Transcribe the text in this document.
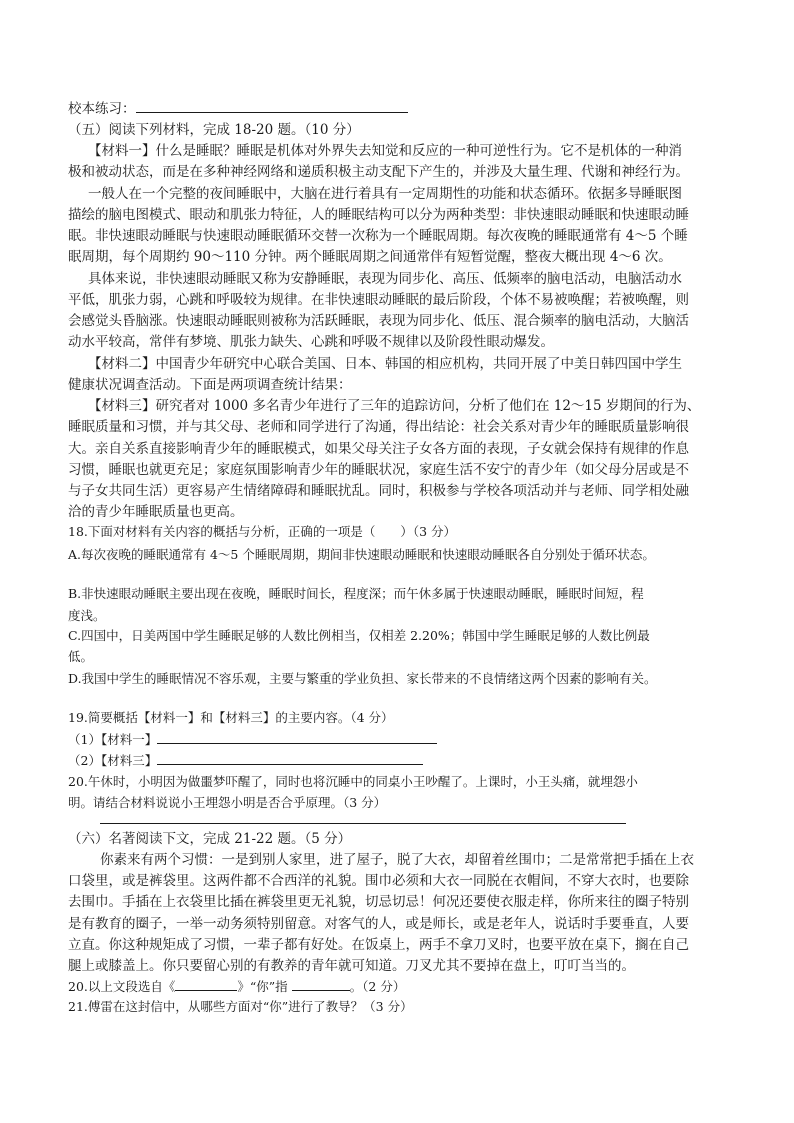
校本练习：
（五）阅读下列材料，完成 18-20 题。（10 分）
【材料一】什么是睡眠？睡眠是机体对外界失去知觉和反应的一种可逆性行为。它不是机体的一种消
极和被动状态，而是在多种神经网络和递质积极主动支配下产生的，并涉及大量生理、代谢和神经行为。
一般人在一个完整的夜间睡眠中，大脑在进行着具有一定周期性的功能和状态循环。依据多导睡眠图
描绘的脑电图模式、眼动和肌张力特征，人的睡眠结构可以分为两种类型：非快速眼动睡眠和快速眼动睡
眠。非快速眼动睡眠与快速眼动睡眠循环交替一次称为一个睡眠周期。每次夜晚的睡眠通常有 4～5 个睡
眠周期，每个周期约 90～110 分钟。两个睡眠周期之间通常伴有短暂觉醒，整夜大概出现 4～6 次。
具体来说，非快速眼动睡眠又称为安静睡眠，表现为同步化、高压、低频率的脑电活动，电脑活动水
平低，肌张力弱，心跳和呼吸较为规律。在非快速眼动睡眠的最后阶段，个体不易被唤醒；若被唤醒，则
会感觉头昏脑涨。快速眼动睡眠则被称为活跃睡眠，表现为同步化、低压、混合频率的脑电活动，大脑活
动水平较高，常伴有梦境、肌张力缺失、心跳和呼吸不规律以及阶段性眼动爆发。
【材料二】中国青少年研究中心联合美国、日本、韩国的相应机构，共同开展了中美日韩四国中学生
健康状况调查活动。下面是两项调查统计结果：
【材料三】研究者对 1000 多名青少年进行了三年的追踪访问，分析了他们在 12～15 岁期间的行为、
睡眠质量和习惯，并与其父母、老师和同学进行了沟通，得出结论：社会关系对青少年的睡眠质量影响很
大。亲自关系直接影响青少年的睡眠模式，如果父母关注子女各方面的表现，子女就会保持有规律的作息
习惯，睡眠也就更充足；家庭氛围影响青少年的睡眠状况，家庭生活不安宁的青少年（如父母分居或是不
与子女共同生活）更容易产生情绪障碍和睡眠扰乱。同时，积极参与学校各项活动并与老师、同学相处融
洽的青少年睡眠质量也更高。
18.下面对材料有关内容的概括与分析，正确的一项是（　　）（3 分）
A.每次夜晚的睡眠通常有 4～5 个睡眠周期，期间非快速眼动睡眠和快速眼动睡眠各自分别处于循环状态。
B.非快速眼动睡眠主要出现在夜晚，睡眠时间长，程度深；而午休多属于快速眼动睡眠，睡眠时间短，程
度浅。
C.四国中，日美两国中学生睡眠足够的人数比例相当，仅相差 2.20%；韩国中学生睡眠足够的人数比例最
低。
D.我国中学生的睡眠情况不容乐观，主要与繁重的学业负担、家长带来的不良情绪这两个因素的影响有关。
19.简要概括【材料一】和【材料三】的主要内容。（4 分）
（1）【材料一】
（2）【材料三】
20.午休时，小明因为做噩梦吓醒了，同时也将沉睡中的同桌小王吵醒了。上课时，小王头痛，就埋怨小
明。请结合材料说说小王埋怨小明是否合乎原理。（3 分）
（六）名著阅读下文，完成 21-22 题。（5 分）
你素来有两个习惯：一是到别人家里，进了屋子，脱了大衣，却留着丝围巾；二是常常把手插在上衣
口袋里，或是裤袋里。这两件都不合西洋的礼貌。围巾必须和大衣一同脱在衣帽间，不穿大衣时，也要除
去围巾。手插在上衣袋里比插在裤袋里更无礼貌，切忌切忌！何况还要使衣服走样，你所来往的圈子特别
是有教育的圈子，一举一动务须特别留意。对客气的人，或是师长，或是老年人，说话时手要垂直，人要
立直。你这种规矩成了习惯，一辈子都有好处。在饭桌上，两手不拿刀叉时，也要平放在桌下，搁在自己
腿上或膝盖上。你只要留心别的有教养的青年就可知道。刀叉尤其不要掉在盘上，叮叮当当的。
20.以上文段选自《	》“你”指	。（2 分）
21.傅雷在这封信中，从哪些方面对“你”进行了教导？（3 分）
